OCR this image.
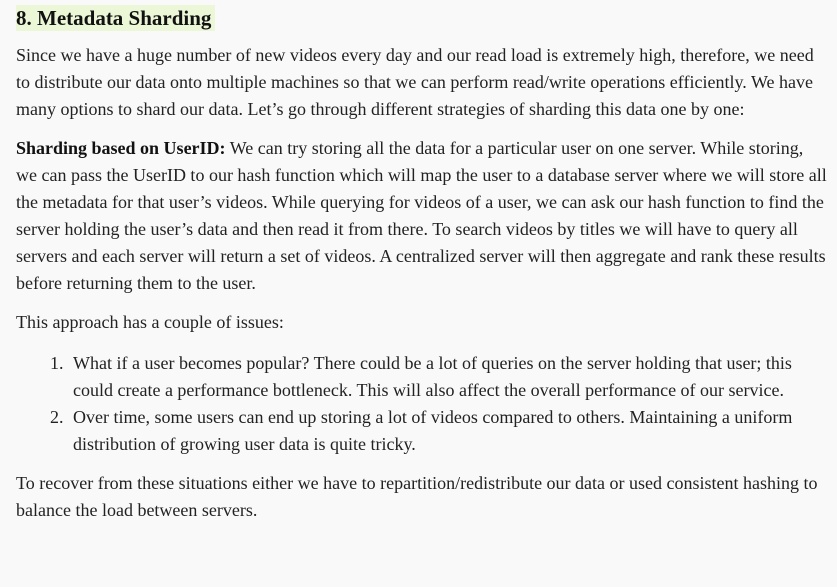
8. Metadata Sharding

Since we have a huge number of new videos every day and our read load is extremely high, therefore, we need to distribute our data onto multiple machines so that we can perform read/write operations efficiently. We have many options to shard our data. Let’s go through different strategies of sharding this data one by one:

Sharding based on UserID: We can try storing all the data for a particular user on one server. While storing, we can pass the UserID to our hash function which will map the user to a database server where we will store all the metadata for that user’s videos. While querying for videos of a user, we can ask our hash function to find the server holding the user’s data and then read it from there. To search videos by titles we will have to query all servers and each server will return a set of videos. A centralized server will then aggregate and rank these results before returning them to the user.

This approach has a couple of issues:

1. What if a user becomes popular? There could be a lot of queries on the server holding that user; this could create a performance bottleneck. This will also affect the overall performance of our service.
2. Over time, some users can end up storing a lot of videos compared to others. Maintaining a uniform distribution of growing user data is quite tricky.

To recover from these situations either we have to repartition/redistribute our data or used consistent hashing to balance the load between servers.
